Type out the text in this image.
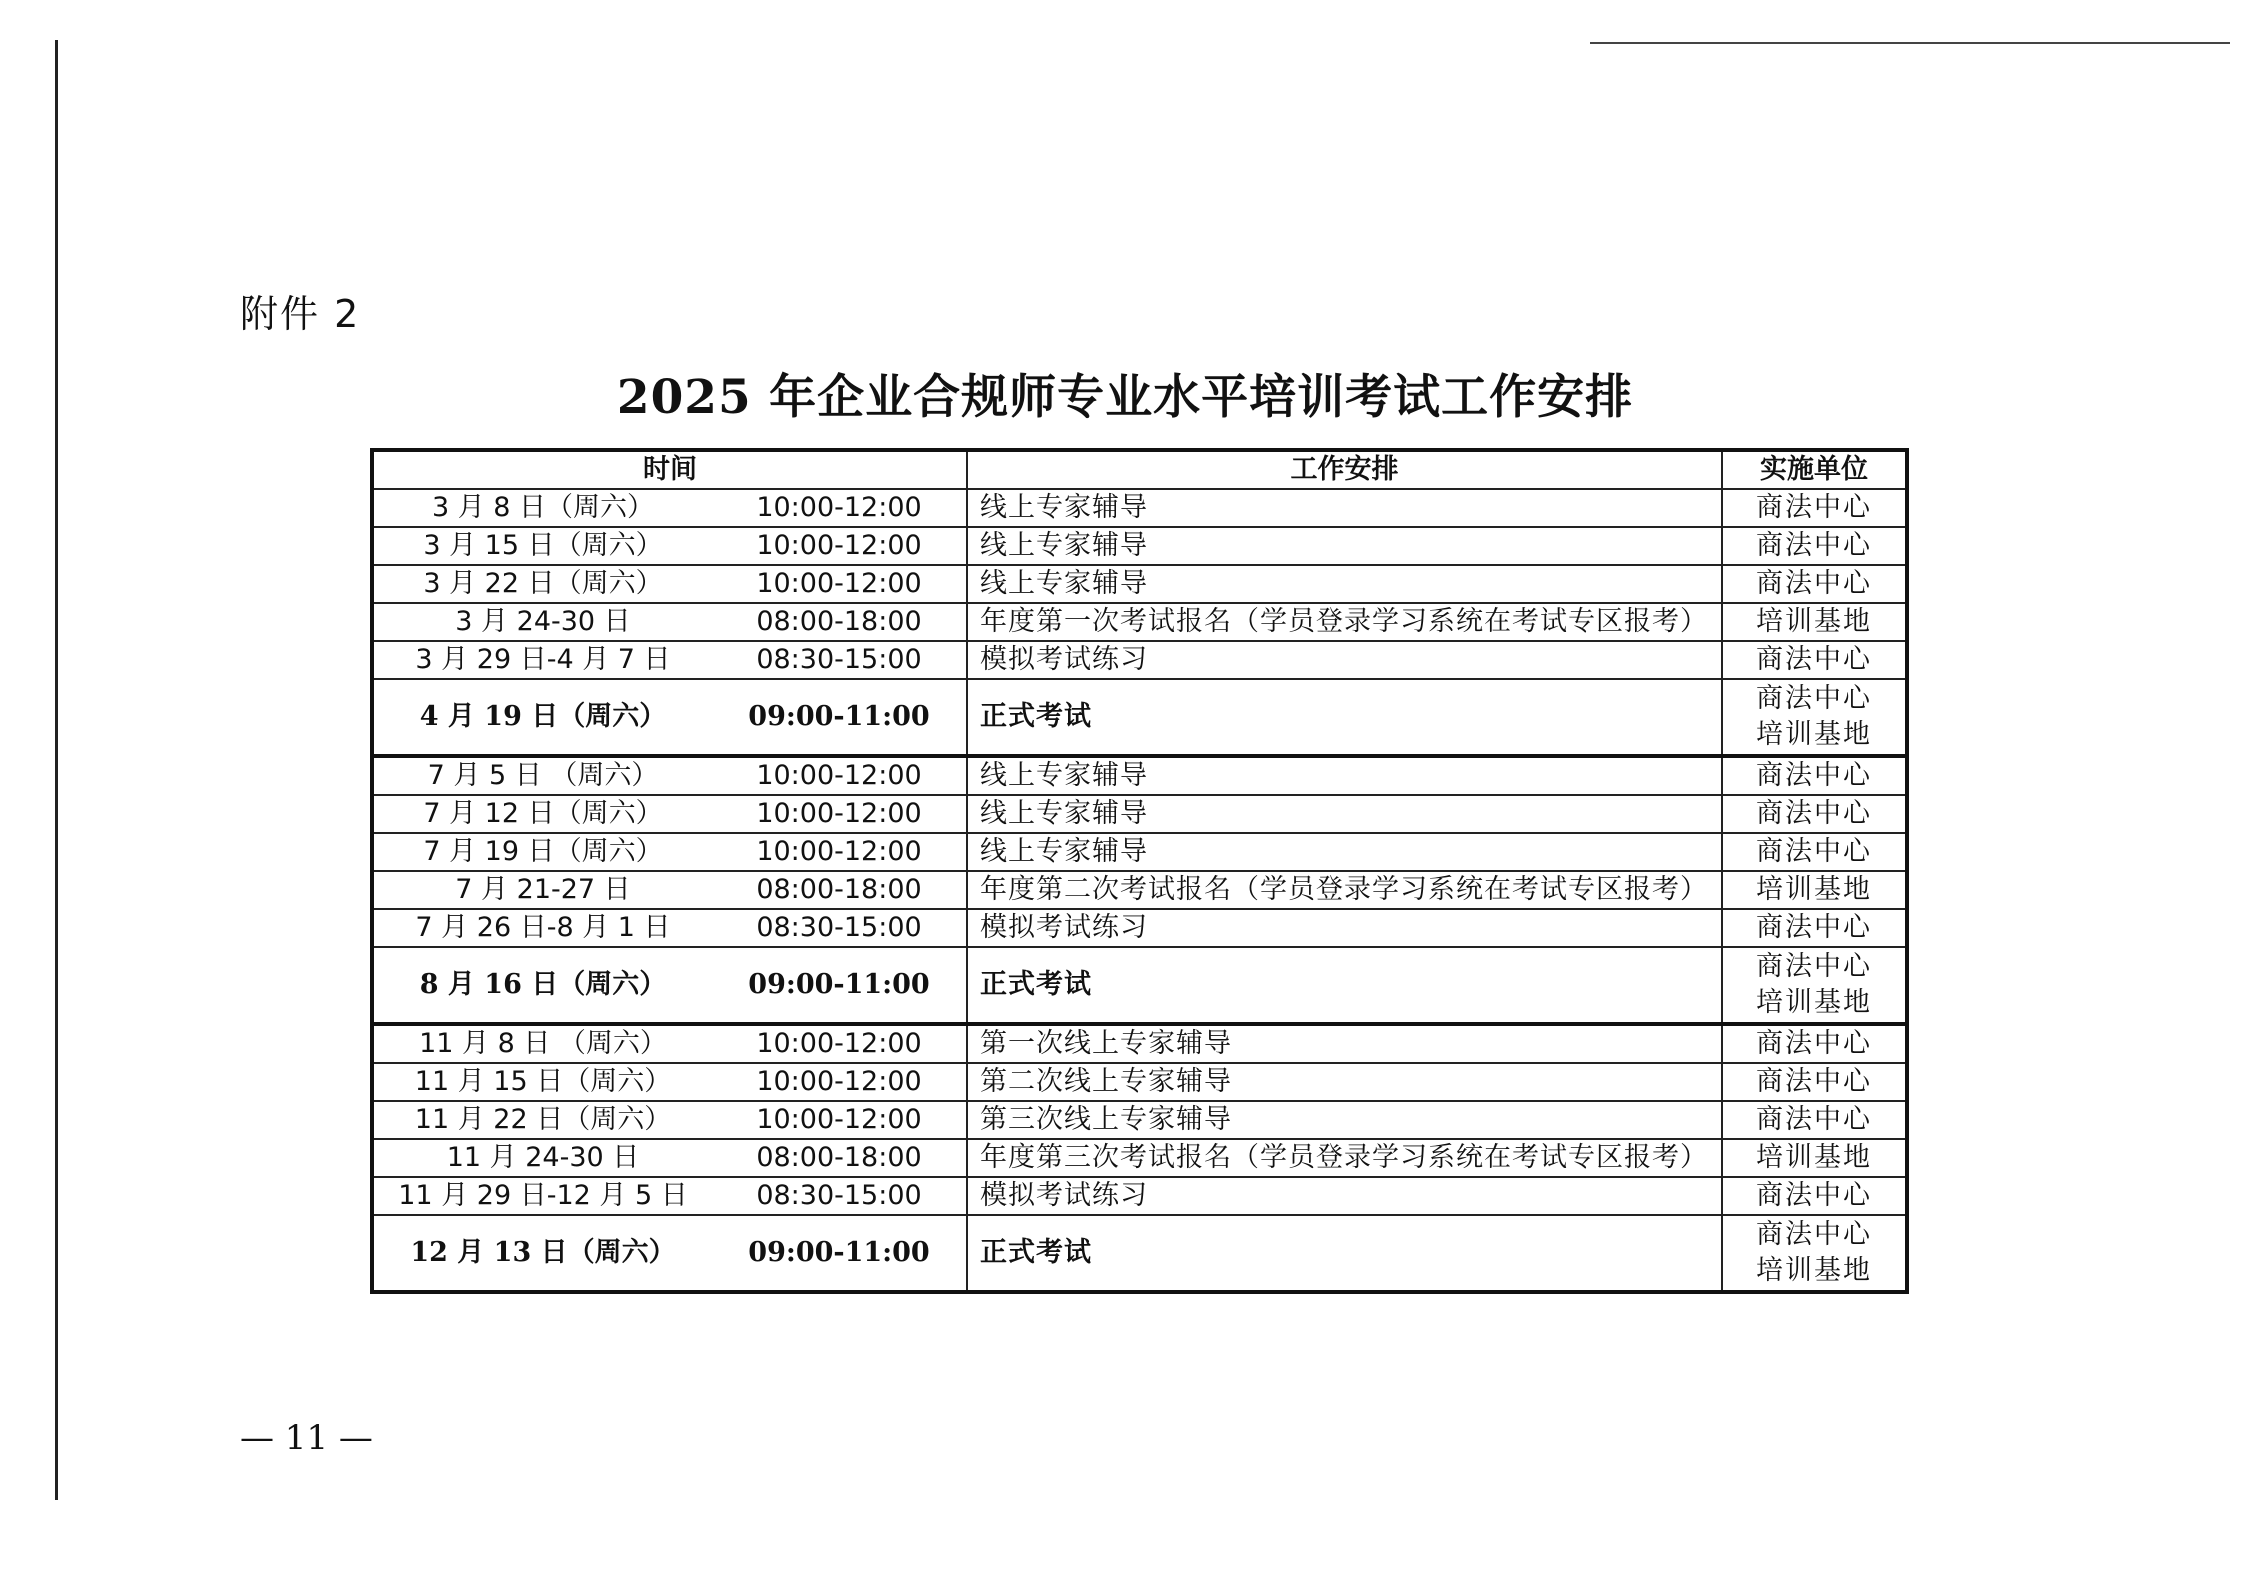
附件 2
2025 年企业合规师专业水平培训考试工作安排
时间		工作安排	实施单位
3 月 8 日（周六）	10:00-12:00	线上专家辅导	商法中心

3 月 15 日（周六）	10:00-12:00	线上专家辅导	商法中心

3 月 22 日（周六）	10:00-12:00	线上专家辅导	商法中心

3 月 24-30 日	08:00-18:00	年度第一次考试报名（学员登录学习系统在考试专区报考）	培训基地

3 月 29 日-4 月 7 日	08:30-15:00	模拟考试练习	商法中心

4 月 19 日（周六）	09:00-11:00	正式考试	商法中心
培训基地

7 月 5 日 （周六）	10:00-12:00	线上专家辅导	商法中心

7 月 12 日（周六）	10:00-12:00	线上专家辅导	商法中心

7 月 19 日（周六）	10:00-12:00	线上专家辅导	商法中心

7 月 21-27 日	08:00-18:00	年度第二次考试报名（学员登录学习系统在考试专区报考）	培训基地

7 月 26 日-8 月 1 日	08:30-15:00	模拟考试练习	商法中心

8 月 16 日（周六）	09:00-11:00	正式考试	商法中心
培训基地

11 月 8 日 （周六）	10:00-12:00	第一次线上专家辅导	商法中心

11 月 15 日（周六）	10:00-12:00	第二次线上专家辅导	商法中心

11 月 22 日（周六）	10:00-12:00	第三次线上专家辅导	商法中心

11 月 24-30 日	08:00-18:00	年度第三次考试报名（学员登录学习系统在考试专区报考）	培训基地

11 月 29 日-12 月 5 日	08:30-15:00	模拟考试练习	商法中心

12 月 13 日（周六）	09:00-11:00	正式考试	商法中心
培训基地
— 11 —
